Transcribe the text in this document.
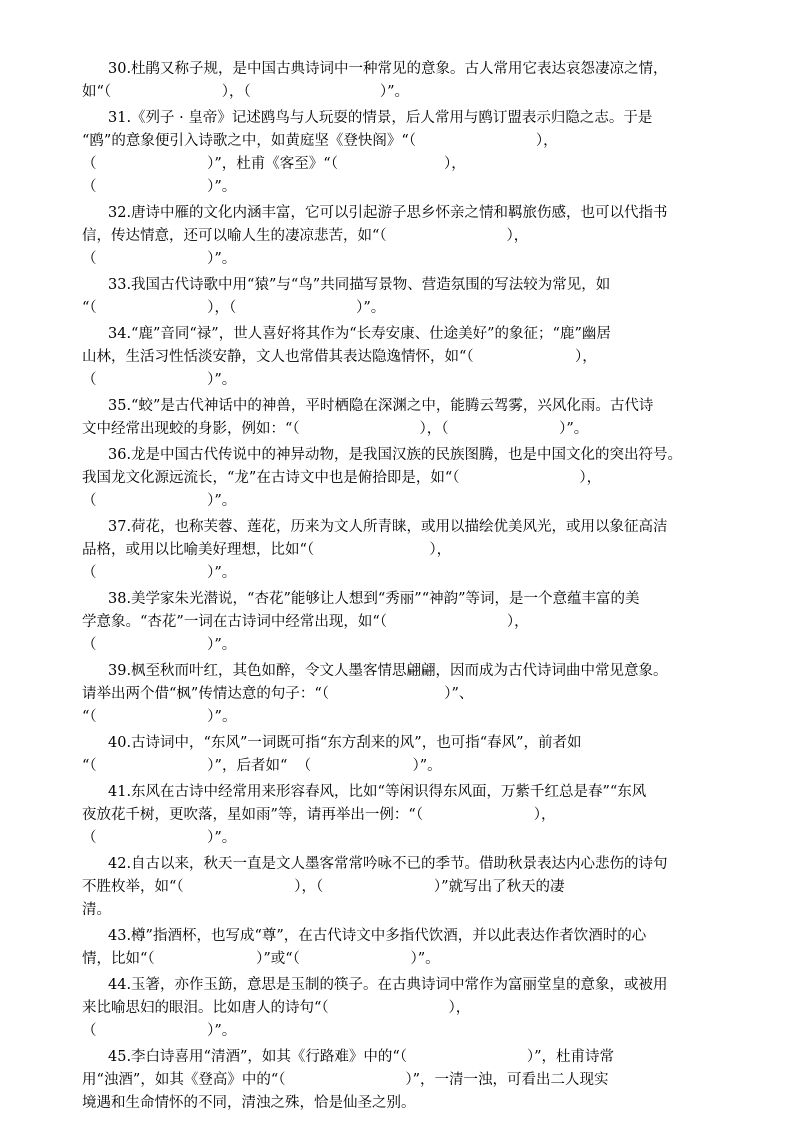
30.杜鹃又称子规，是中国古典诗词中一种常见的意象。古人常用它表达哀怨凄凉之情，
如“（                        ），（                            ）”。
31.《列子 · 皇帝》记述鸥鸟与人玩耍的情景，后人常用与鸥订盟表示归隐之志。于是
“鸥”的意象便引入诗歌之中，如黄庭坚《登快阁》“（                          ），
（                        ）”，杜甫《客至》“（                       ），
（                        ）”。
32.唐诗中雁的文化内涵丰富，它可以引起游子思乡怀亲之情和羁旅伤感，也可以代指书
信，传达情意，还可以喻人生的凄凉悲苦，如“（                          ），
（                        ）”。
33.我国古代诗歌中用“猿”与“鸟”共同描写景物、营造氛围的写法较为常见，如
“（                        ），（                          ）”。
34.“鹿”音同“禄”，世人喜好将其作为“长寿安康、仕途美好”的象征；“鹿”幽居
山林，生活习性恬淡安静，文人也常借其表达隐逸情怀，如“（                      ），
（                        ）”。
35.“蛟”是古代神话中的神兽，平时栖隐在深渊之中，能腾云驾雾，兴风化雨。古代诗
文中经常出现蛟的身影，例如：“（                          ），（                        ）”。
36.龙是中国古代传说中的神异动物，是我国汉族的民族图腾，也是中国文化的突出符号。
我国龙文化源远流长，“龙”在古诗文中也是俯拾即是，如“（                          ），
（                        ）”。
37.荷花，也称芙蓉、莲花，历来为文人所青睐，或用以描绘优美风光，或用以象征高洁
品格，或用以比喻美好理想，比如“（                         ），
（                        ）”。
38.美学家朱光潜说，“杏花”能够让人想到“秀丽”“神韵”等词，是一个意蕴丰富的美
学意象。“杏花”一词在古诗词中经常出现，如“（                          ），
（                        ）”。
39.枫至秋而叶红，其色如醉，令文人墨客情思翩翩，因而成为古代诗词曲中常见意象。
请举出两个借“枫”传情达意的句子：“（                         ）”、
“（                        ）”。
40.古诗词中，“东风”一词既可指“东方刮来的风”，也可指“春风”，前者如
“（                        ）”，后者如“  （                      ）”。
41.东风在古诗中经常用来形容春风，比如“等闲识得东风面，万紫千红总是春”“东风
夜放花千树，更吹落，星如雨”等，请再举出一例：“（                        ），
（                        ）”。
42.自古以来，秋天一直是文人墨客常常吟咏不已的季节。借助秋景表达内心悲伤的诗句
不胜枚举，如“（                        ），（                        ）”就写出了秋天的凄
清。
43.樽”指酒杯，也写成“尊”，在古代诗文中多指代饮酒，并以此表达作者饮酒时的心
情，比如“（                      ）”或“（                        ）”。
44.玉箸，亦作玉筯，意思是玉制的筷子。在古典诗词中常作为富丽堂皇的意象，或被用
来比喻思妇的眼泪。比如唐人的诗句“（                          ），
（                        ）”。
45.李白诗喜用“清酒”，如其《行路难》中的“（                          ）”，杜甫诗常
用“浊酒”，如其《登高》中的“（                          ）”，一清一浊，可看出二人现实
境遇和生命情怀的不同，清浊之殊，恰是仙圣之别。
